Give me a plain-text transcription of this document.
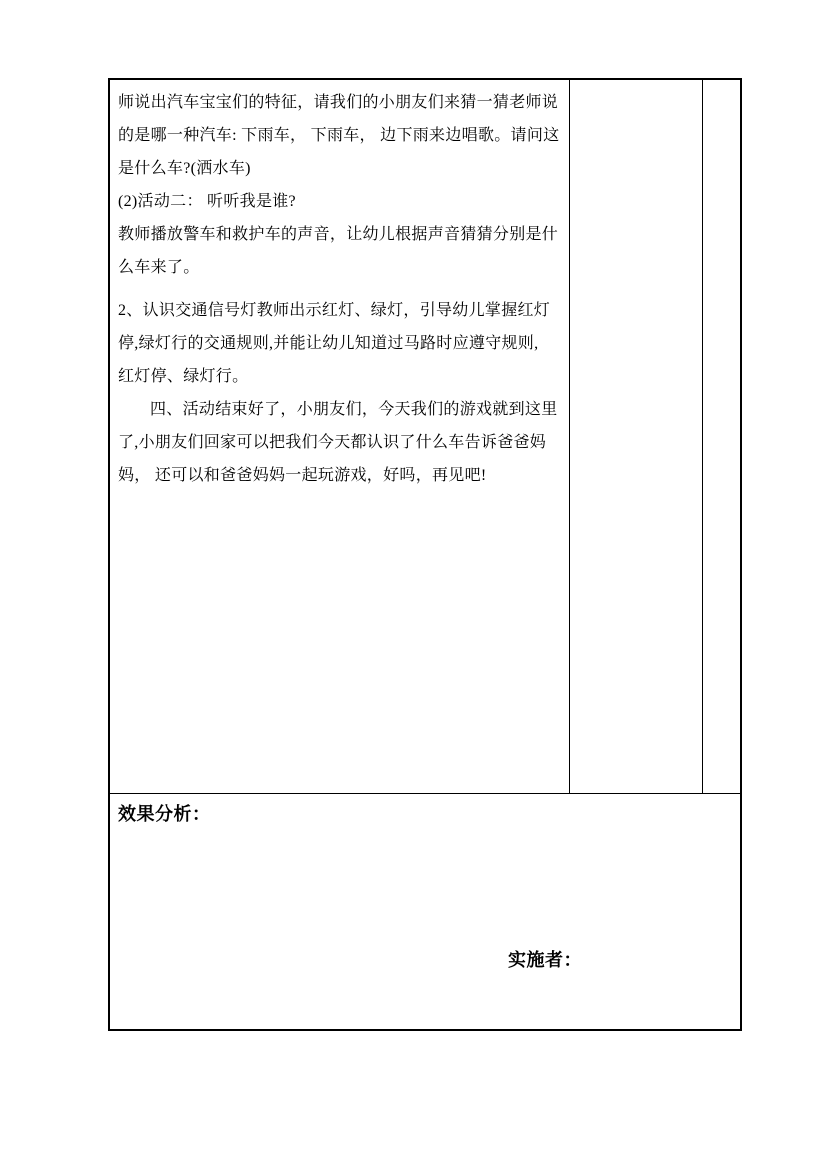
师说出汽车宝宝们的特征，请我们的小朋友们来猜一猜老师说
的是哪一种汽车: 下雨车， 下雨车， 边下雨来边唱歌。请问这
是什么车?(洒水车)
(2)活动二： 听听我是谁?
教师播放警车和救护车的声音，让幼儿根据声音猜猜分别是什
么车来了。
2、认识交通信号灯教师出示红灯、绿灯，引导幼儿掌握红灯
停,绿灯行的交通规则,并能让幼儿知道过马路时应遵守规则,
红灯停、绿灯行。
四、活动结束好了，小朋友们，今天我们的游戏就到这里
了,小朋友们回家可以把我们今天都认识了什么车告诉爸爸妈
妈， 还可以和爸爸妈妈一起玩游戏，好吗，再见吧!
效果分析：
实施者：
